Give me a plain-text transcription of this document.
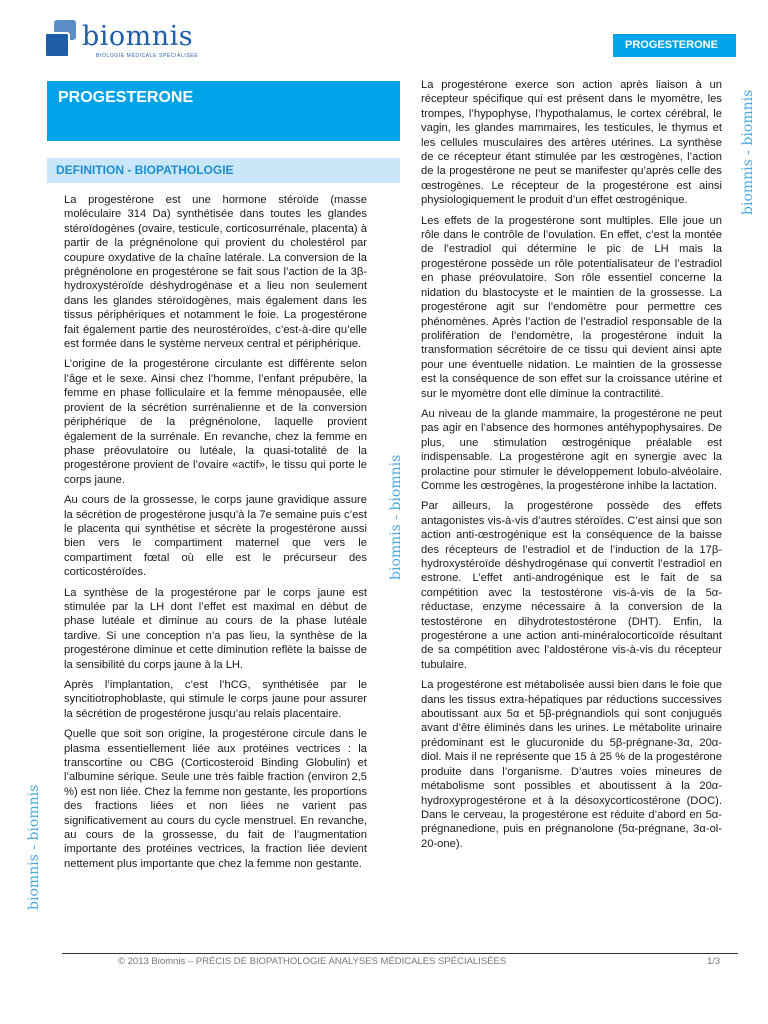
biomnis
BIOLOGIE MÉDICALE SPÉCIALISÉE
PROGESTERONE
PROGESTERONE
DEFINITION - BIOPATHOLOGIE

La progestérone est une hormone stéroïde (masse moléculaire 314 Da) synthétisée dans toutes les glandes stéroïdogènes (ovaire, testicule, corticosurrénale, placenta) à partir de la prégnénolone qui provient du cholestérol par coupure oxydative de la chaîne latérale. La conversion de la prégnénolone en progestérone se fait sous l’action de la 3β-hydroxystéroïde déshydrogénase et a lieu non seulement dans les glandes stéroïdogènes, mais également dans les tissus périphériques et notamment le foie. La progestérone fait également partie des neurostéroïdes, c’est-à-dire qu’elle est formée dans le système nerveux central et périphérique.

L’origine de la progestérone circulante est différente selon l’âge et le sexe. Ainsi chez l’homme, l’enfant prépubère, la femme en phase folliculaire et la femme ménopausée, elle provient de la sécrétion surrénalienne et de la conversion périphérique de la prégnénolone, laquelle provient également de la surrénale. En revanche, chez la femme en phase préovulatoire ou lutéale, la quasi-totalité de la progestérone provient de l’ovaire «actif», le tissu qui porte le corps jaune.

Au cours de la grossesse, le corps jaune gravidique assure la sécrétion de progestérone jusqu’à la 7e semaine puis c’est le placenta qui synthétise et sécrète la progestérone aussi bien vers le compartiment maternel que vers le compartiment fœtal où elle est le précurseur des corticostéroïdes.

La synthèse de la progestérone par le corps jaune est stimulée par la LH dont l’effet est maximal en début de phase lutéale et diminue au cours de la phase lutéale tardive. Si une conception n’a pas lieu, la synthèse de la progestérone diminue et cette diminution reflète la baisse de la sensibilité du corps jaune à la LH.

Après l’implantation, c’est l’hCG, synthétisée par le syncitiotrophoblaste, qui stimule le corps jaune pour assurer la sécrétion de progestérone jusqu’au relais placentaire.

Quelle que soit son origine, la progestérone circule dans le plasma essentiellement liée aux protéines vectrices : la transcortine ou CBG (Corticosteroid Binding Globulin) et l’albumine sérique. Seule une très faible fraction (environ 2,5 %) est non liée. Chez la femme non gestante, les proportions des fractions liées et non liées ne varient pas significativement au cours du cycle menstruel. En revanche, au cours de la grossesse, du fait de l’augmentation importante des protéines vectrices, la fraction liée devient nettement plus importante que chez la femme non gestante.

La progestérone exerce son action après liaison à un récepteur spécifique qui est présent dans le myomètre, les trompes, l’hypophyse, l’hypothalamus, le cortex cérébral, le vagin, les glandes mammaires, les testicules, le thymus et les cellules musculaires des artères utérines. La synthèse de ce récepteur étant stimulée par les œstrogènes, l’action de la progestérone ne peut se manifester qu’après celle des œstrogènes. Le récepteur de la progestérone est ainsi physiologiquement le produit d’un effet œstrogénique.

Les effets de la progestérone sont multiples. Elle joue un rôle dans le contrôle de l’ovulation. En effet, c’est la montée de l’estradiol qui détermine le pic de LH mais la progestérone possède un rôle potentialisateur de l’estradiol en phase préovulatoire. Son rôle essentiel concerne la nidation du blastocyste et le maintien de la grossesse. La progestérone agit sur l’endomètre pour permettre ces phénomènes. Après l’action de l’estradiol responsable de la prolifération de l’endomètre, la progestérone induit la transformation sécrétoire de ce tissu qui devient ainsi apte pour une éventuelle nidation. Le maintien de la grossesse est la conséquence de son effet sur la croissance utérine et sur le myomètre dont elle diminue la contractilité.

Au niveau de la glande mammaire, la progestérone ne peut pas agir en l’absence des hormones antéhypophysaires. De plus, une stimulation œstrogénique préalable est indispensable. La progestérone agit en synergie avec la prolactine pour stimuler le développement lobulo-alvéolaire. Comme les œstrogènes, la progestérone inhibe la lactation.

Par ailleurs, la progestérone possède des effets antagonistes vis-à-vis d’autres stéroïdes. C’est ainsi que son action anti-œstrogénique est la conséquence de la baisse des récepteurs de l’estradiol et de l’induction de la 17β-hydroxystéroïde déshydrogénase qui convertit l’estradiol en estrone. L’effet anti-androgénique est le fait de sa compétition avec la testostérone vis-à-vis de la 5α-réductase, enzyme nécessaire à la conversion de la testostérone en dihydrotestostérone (DHT). Enfin, la progestérone a une action anti-minéralocorticoïde résultant de sa compétition avec l’aldostérone vis-à-vis du récepteur tubulaire.

La progestérone est métabolisée aussi bien dans le foie que dans les tissus extra-hépatiques par réductions successives aboutissant aux 5α et 5β-prégnandiols qui sont conjugués avant d’être éliminés dans les urines. Le métabolite urinaire prédominant est le glucuronide du 5β-prégnane-3α, 20α-diol. Mais il ne représente que 15 à 25 % de la progestérone produite dans l’organisme. D’autres voies mineures de métabolisme sont possibles et aboutissent à la 20α-hydroxyprogestérone et à la désoxycorticostérone (DOC). Dans le cerveau, la progestérone est réduite d’abord en 5α-prégnanedione, puis en prégnanolone (5α-prégnane, 3α-ol-20-one).

biomnis - biomnis
biomnis - biomnis
biomnis - biomnis
© 2013 Biomnis – PRÉCIS DE BIOPATHOLOGIE ANALYSES MÉDICALES SPÉCIALISÉES	1/3
